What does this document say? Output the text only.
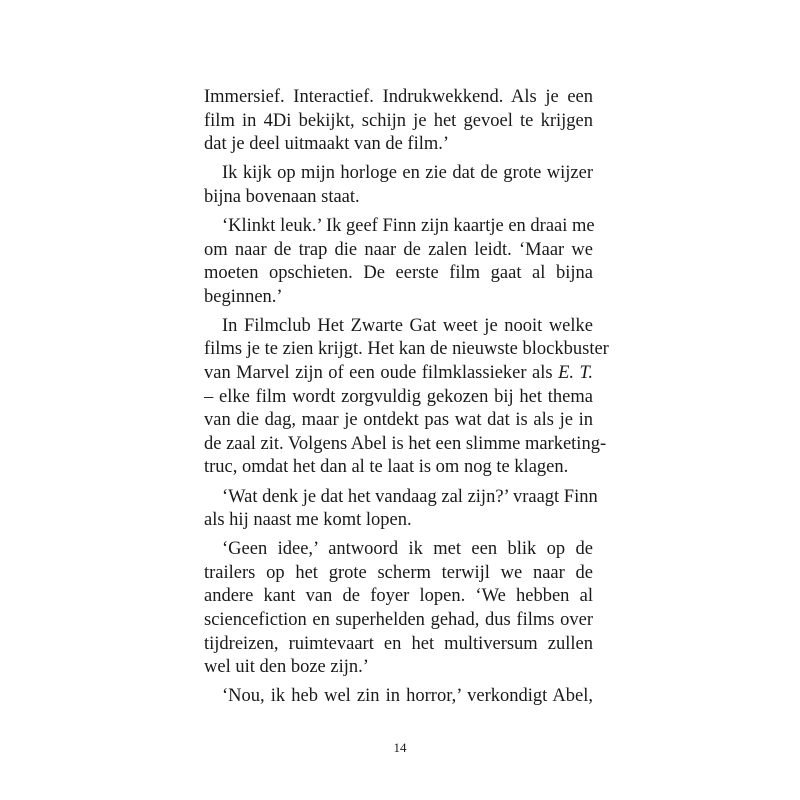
Immersief. Interactief. Indrukwekkend. Als je een
film in 4Di bekijkt, schijn je het gevoel te krijgen
dat je deel uitmaakt van de film.’
Ik kijk op mijn horloge en zie dat de grote wijzer
bijna bovenaan staat.
‘Klinkt leuk.’ Ik geef Finn zijn kaartje en draai me
om naar de trap die naar de zalen leidt. ‘Maar we
moeten opschieten. De eerste film gaat al bijna
beginnen.’
In Filmclub Het Zwarte Gat weet je nooit welke
films je te zien krijgt. Het kan de nieuwste blockbuster
van Marvel zijn of een oude filmklassieker als E. T.
– elke film wordt zorgvuldig gekozen bij het thema
van die dag, maar je ontdekt pas wat dat is als je in
de zaal zit. Volgens Abel is het een slimme marketing-
truc, omdat het dan al te laat is om nog te klagen.
‘Wat denk je dat het vandaag zal zijn?’ vraagt Finn
als hij naast me komt lopen.
‘Geen idee,’ antwoord ik met een blik op de
trailers op het grote scherm terwijl we naar de
andere kant van de foyer lopen. ‘We hebben al
sciencefiction en superhelden gehad, dus films over
tijdreizen, ruimtevaart en het multiversum zullen
wel uit den boze zijn.’
‘Nou, ik heb wel zin in horror,’ verkondigt Abel,
14
